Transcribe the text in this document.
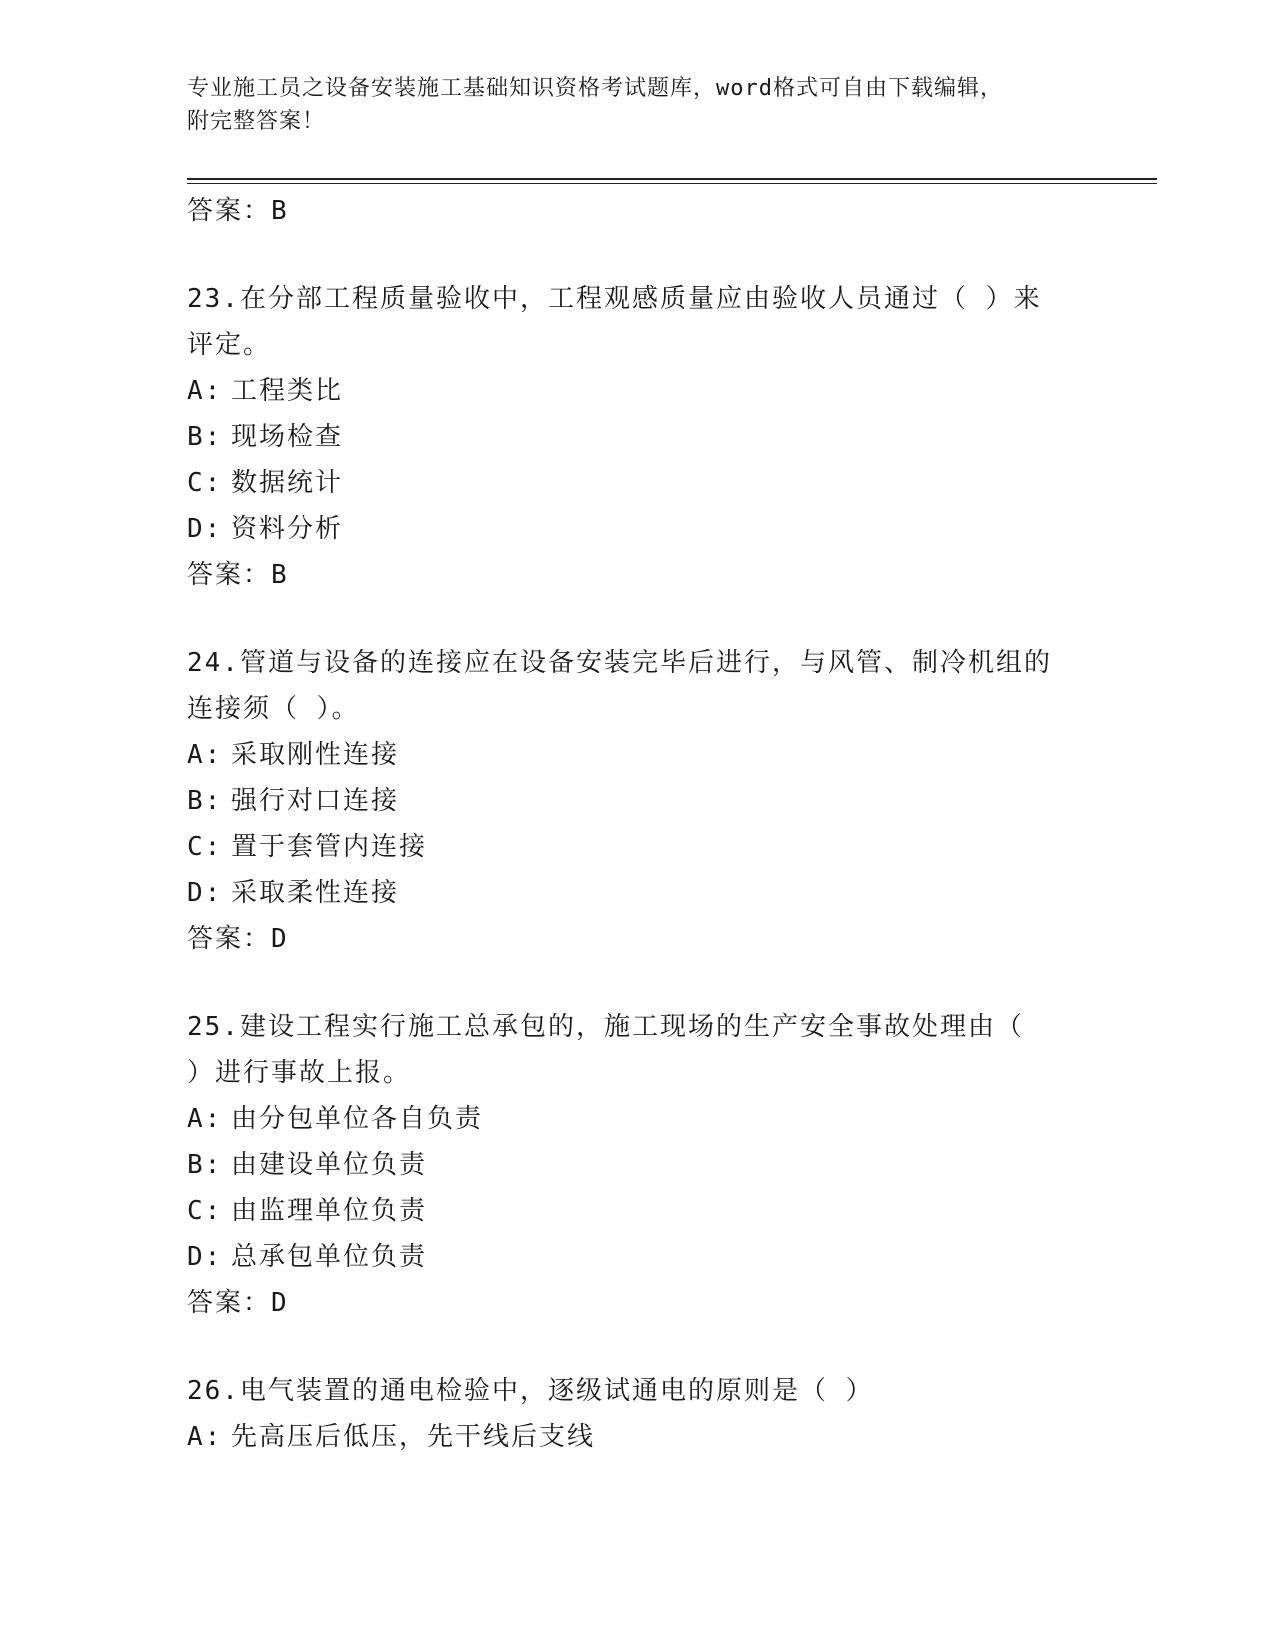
专业施工员之设备安装施工基础知识资格考试题库，word格式可自由下载编辑，
附完整答案！
答案：B
23.在分部工程质量验收中，工程观感质量应由验收人员通过（ ）来
评定。
A: 工程类比
B: 现场检查
C: 数据统计
D: 资料分析
答案：B
24.管道与设备的连接应在设备安装完毕后进行，与风管、制冷机组的
连接须（ ）。
A: 采取刚性连接
B: 强行对口连接
C: 置于套管内连接
D: 采取柔性连接
答案：D
25.建设工程实行施工总承包的，施工现场的生产安全事故处理由（
）进行事故上报。
A: 由分包单位各自负责
B: 由建设单位负责
C: 由监理单位负责
D: 总承包单位负责
答案：D
26.电气装置的通电检验中，逐级试通电的原则是（ ）
A: 先高压后低压，先干线后支线
